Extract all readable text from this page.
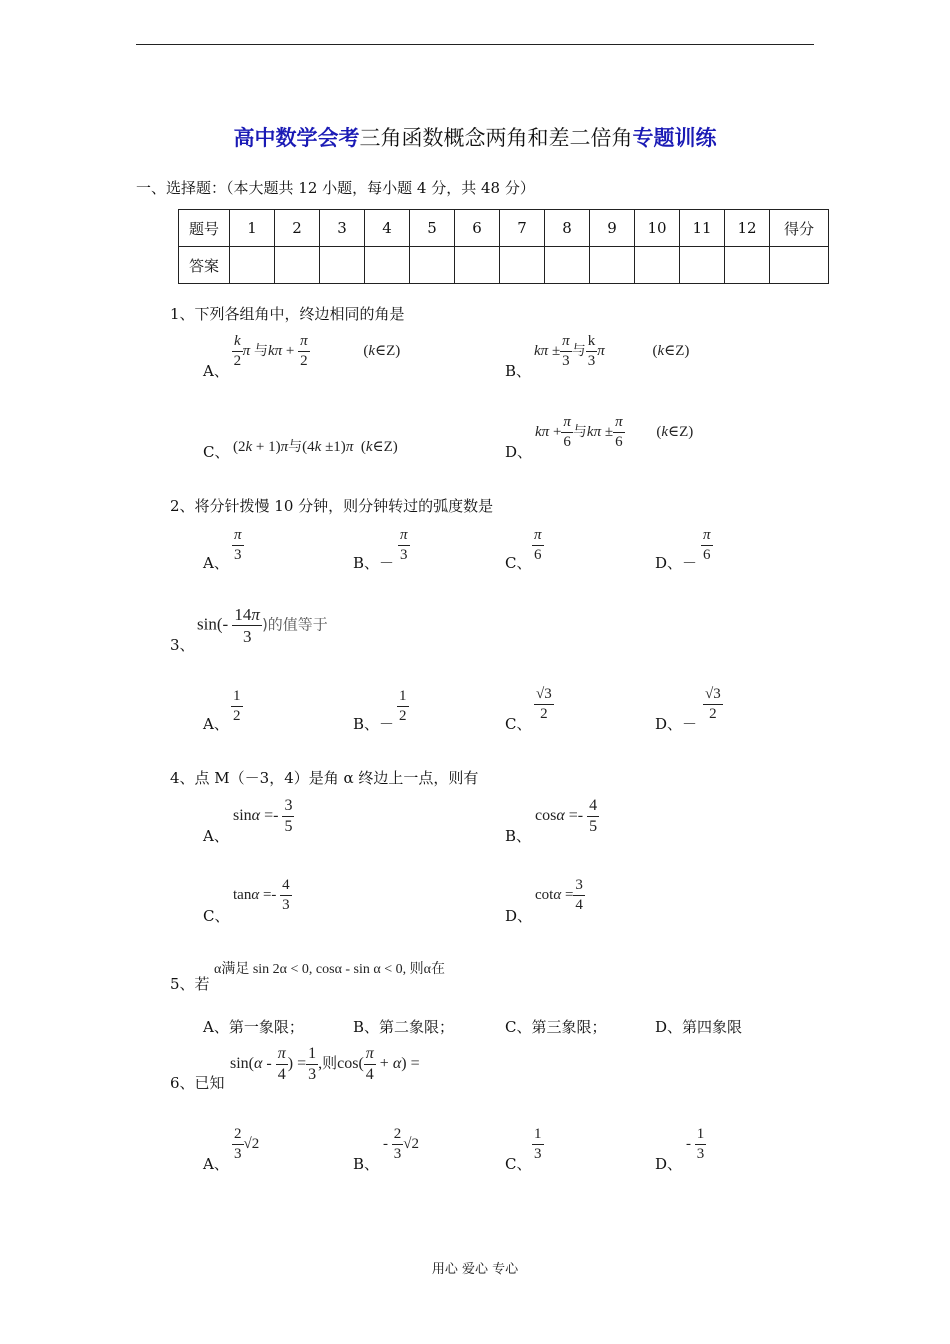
高中数学会考三角函数概念两角和差二倍角专题训练
一、选择题：（本大题共 12 小题，每小题 4 分，共 48 分）
题号	1	2	3	4	5	6	7	8	9	10	11	12	得分
答案													
1、下列各组角中，终边相同的角是
A、
$\frac{k}{2}$ π 与$k\pi + \frac{\pi}{2}$	(k∈Z)
B、
$k\pi \pm \frac{\pi}{3}$ 与 $\frac{k}{3}$ π	(k∈Z)
C、 (2k + 1)π与(4k ±1)π  (k∈Z)	D、
$k\pi + \frac{\pi}{6}$ 与$k\pi \pm \frac{\pi}{6}$ (k∈Z)
2、将分针拨慢 10 分钟，则分钟转过的弧度数是
A、 $\frac{\pi}{3}$	B、－ $\frac{\pi}{3}$	C、 $\frac{\pi}{6}$	D、－ $\frac{\pi}{6}$
3、
$\sin(- \frac{14\pi}{3}$ )的值等于
A、 $\frac{1}{2}$	B、－ $\frac{1}{2}$	C、
$\frac{√3}{2}$
D、－
$\frac{√3}{2}$
4、点 M（－3，4）是角 α 终边上一点，则有
A、
$\sin\alpha =- \frac{3}{5}$
B、
$\cos\alpha =- \frac{4}{5}$
C、
$\tan\alpha =- \frac{4}{3}$
D、
$\cot\alpha = \frac{3}{4}$
5、若
α满足 sin 2α < 0, cosα - sin α < 0, 则α在
A、第一象限；	B、第二象限；	C、第三象限；	D、第四象限
6、已知
$\sin(\alpha - \frac{\pi}{4}$ ) = $\frac{1}{3}$ ,则$\cos( \frac{\pi}{4} + \alpha)$ =
A、
$\frac{2}{3} √2$
B、
- $\frac{2}{3} √2$
C、
$\frac{1}{3}$
D、
- $\frac{1}{3}$
用心 爱心 专心
